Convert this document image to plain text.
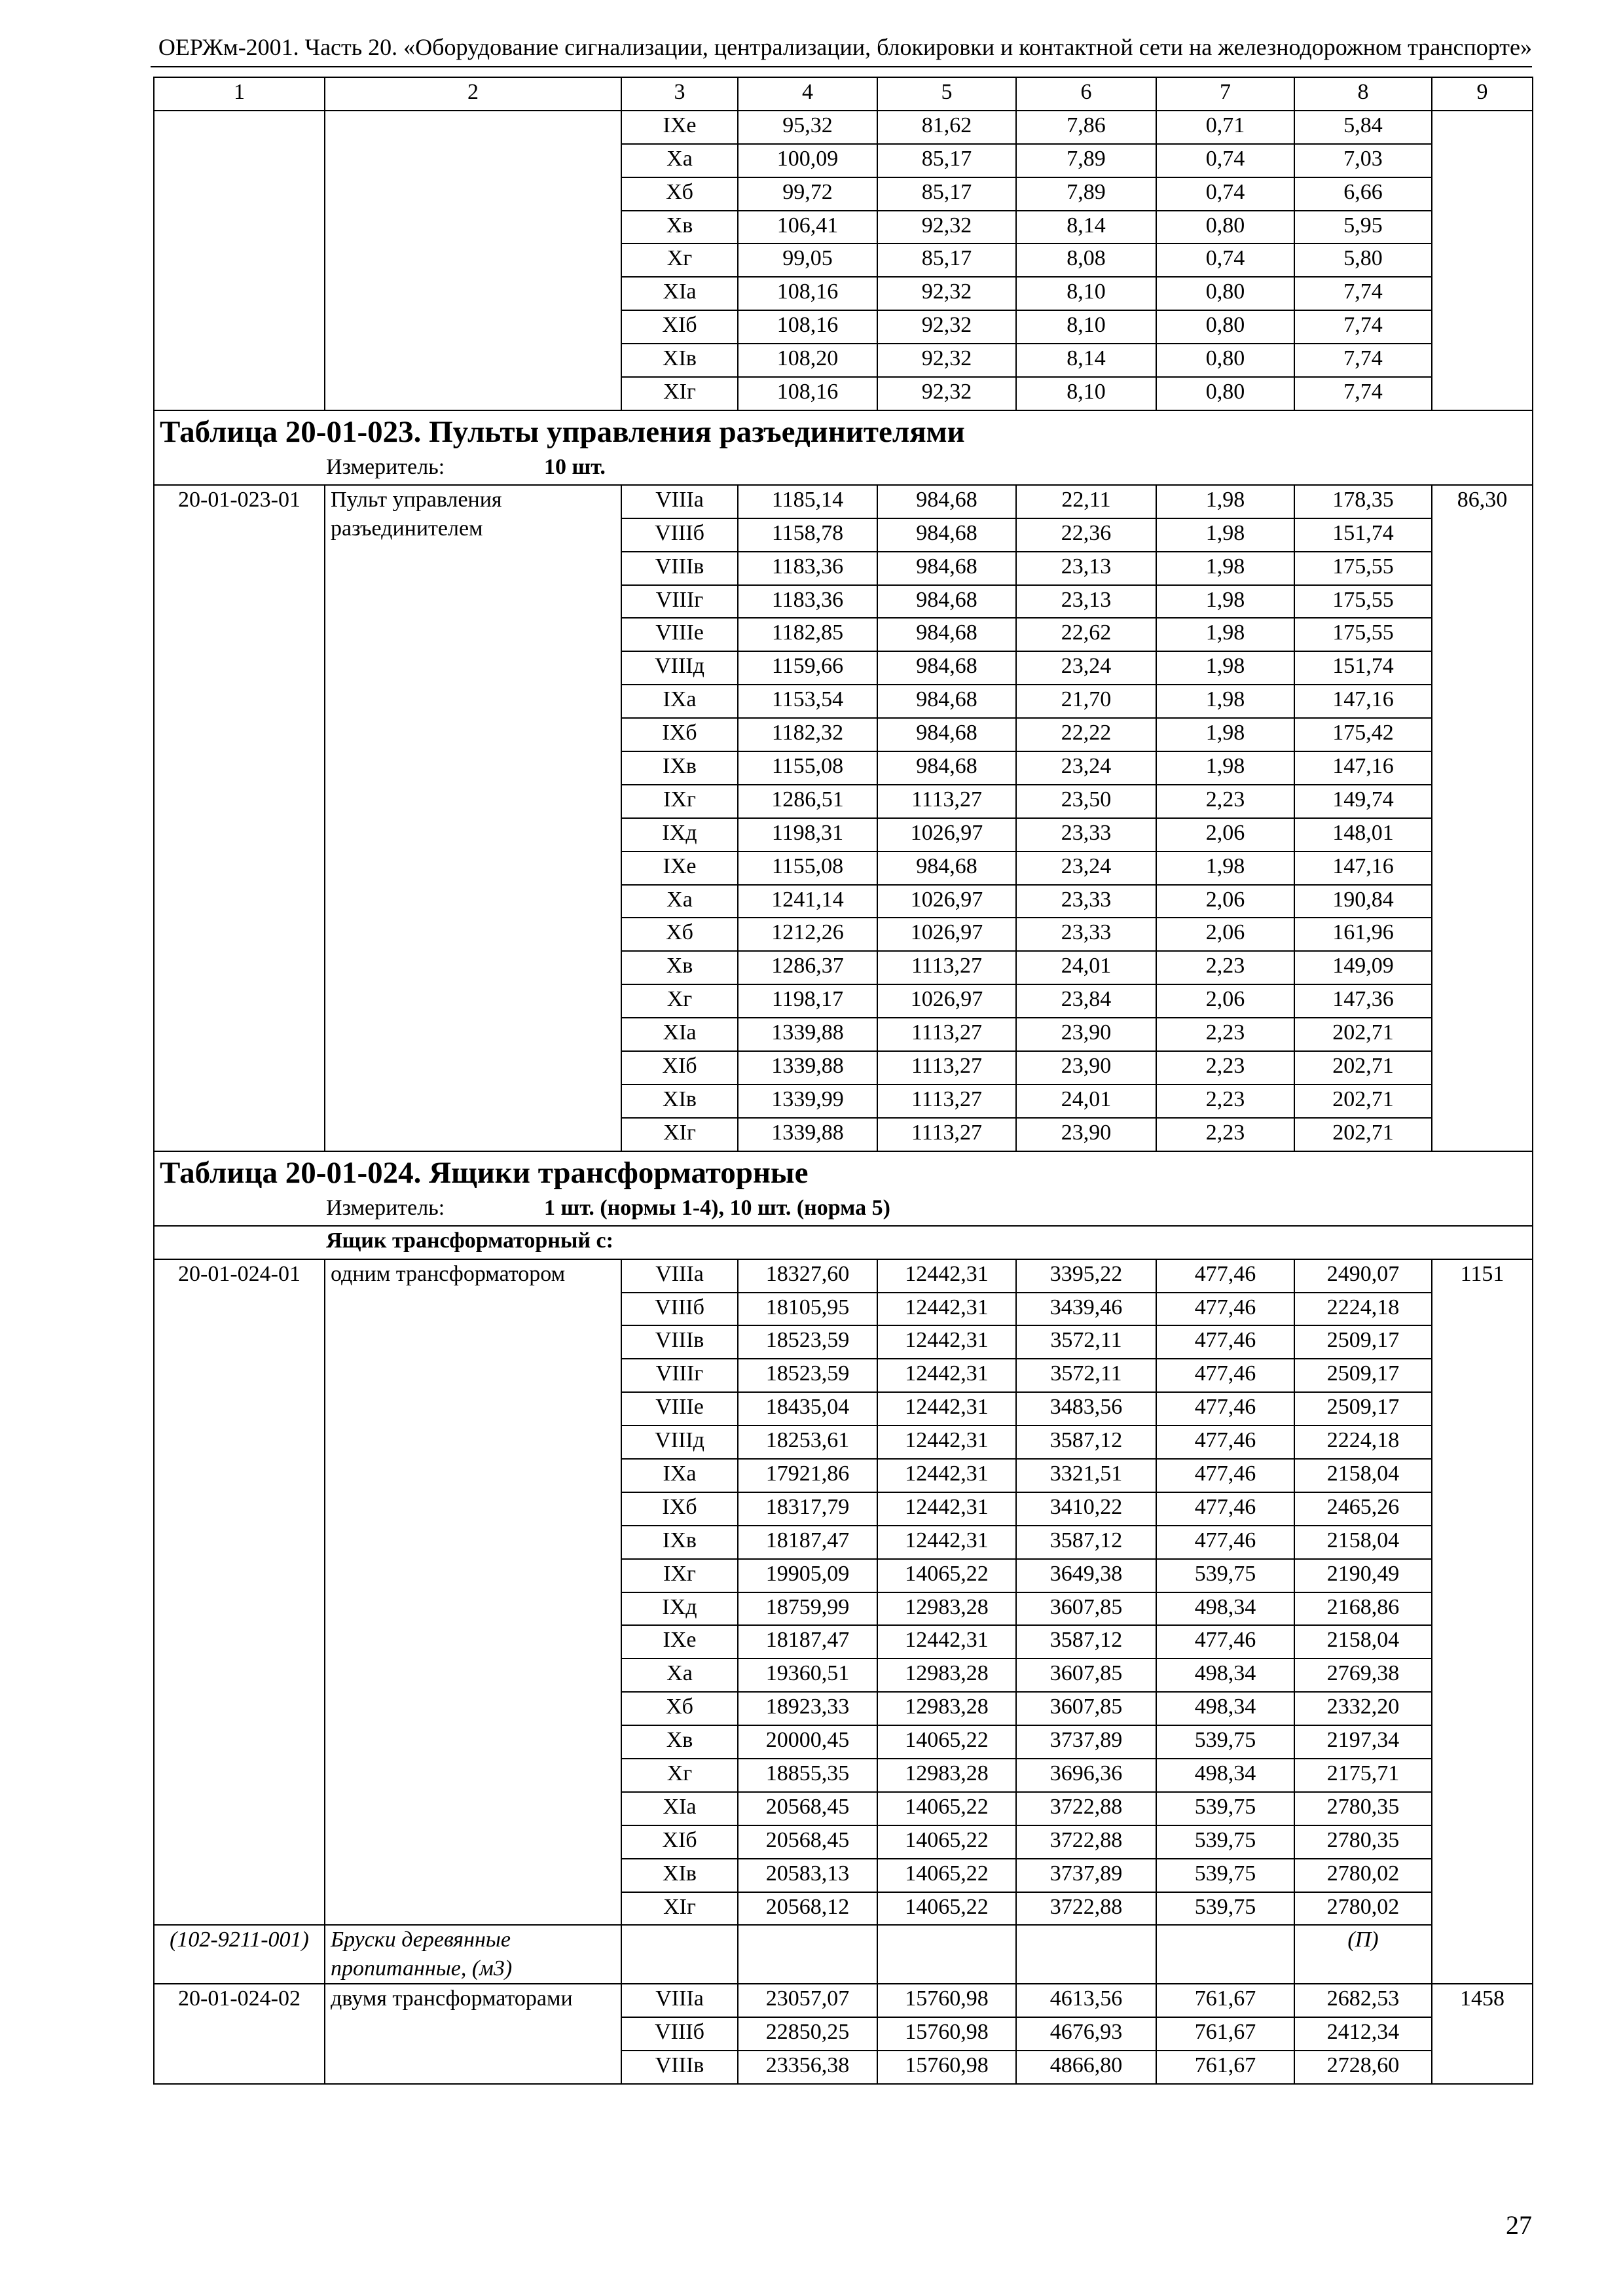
ОЕРЖм-2001. Часть 20. «Оборудование сигнализации, централизации, блокировки и контактной сети на железнодорожном транспорте»
1	2	3	4	5	6	7	8	9
		IXе	95,32	81,62	7,86	0,71	5,84	
		Xа	100,09	85,17	7,89	0,74	7,03	
		Xб	99,72	85,17	7,89	0,74	6,66	
		Xв	106,41	92,32	8,14	0,80	5,95	
		Xг	99,05	85,17	8,08	0,74	5,80	
		XIа	108,16	92,32	8,10	0,80	7,74	
		XIб	108,16	92,32	8,10	0,80	7,74	
		XIв	108,20	92,32	8,14	0,80	7,74	
		XIг	108,16	92,32	8,10	0,80	7,74	
Таблица 20-01-023. Пульты управления разъединителями								
Измеритель: 10 шт.								
20-01-023-01	Пульт управления разъединителем	VIIIа	1185,14	984,68	22,11	1,98	178,35	86,30
		VIIIб	1158,78	984,68	22,36	1,98	151,74	
		VIIIв	1183,36	984,68	23,13	1,98	175,55	
		VIIIг	1183,36	984,68	23,13	1,98	175,55	
		VIIIе	1182,85	984,68	22,62	1,98	175,55	
		VIIIд	1159,66	984,68	23,24	1,98	151,74	
		IXа	1153,54	984,68	21,70	1,98	147,16	
		IXб	1182,32	984,68	22,22	1,98	175,42	
		IXв	1155,08	984,68	23,24	1,98	147,16	
		IXг	1286,51	1113,27	23,50	2,23	149,74	
		IXд	1198,31	1026,97	23,33	2,06	148,01	
		IXе	1155,08	984,68	23,24	1,98	147,16	
		Xа	1241,14	1026,97	23,33	2,06	190,84	
		Xб	1212,26	1026,97	23,33	2,06	161,96	
		Xв	1286,37	1113,27	24,01	2,23	149,09	
		Xг	1198,17	1026,97	23,84	2,06	147,36	
		XIа	1339,88	1113,27	23,90	2,23	202,71	
		XIб	1339,88	1113,27	23,90	2,23	202,71	
		XIв	1339,99	1113,27	24,01	2,23	202,71	
		XIг	1339,88	1113,27	23,90	2,23	202,71	
Таблица 20-01-024. Ящики трансформаторные								
Измеритель: 1 шт. (нормы 1-4), 10 шт. (норма 5)								
Ящик трансформаторный с:								
20-01-024-01	одним трансформатором	VIIIа	18327,60	12442,31	3395,22	477,46	2490,07	1151
		VIIIб	18105,95	12442,31	3439,46	477,46	2224,18	
		VIIIв	18523,59	12442,31	3572,11	477,46	2509,17	
		VIIIг	18523,59	12442,31	3572,11	477,46	2509,17	
		VIIIе	18435,04	12442,31	3483,56	477,46	2509,17	
		VIIIд	18253,61	12442,31	3587,12	477,46	2224,18	
		IXа	17921,86	12442,31	3321,51	477,46	2158,04	
		IXб	18317,79	12442,31	3410,22	477,46	2465,26	
		IXв	18187,47	12442,31	3587,12	477,46	2158,04	
		IXг	19905,09	14065,22	3649,38	539,75	2190,49	
		IXд	18759,99	12983,28	3607,85	498,34	2168,86	
		IXе	18187,47	12442,31	3587,12	477,46	2158,04	
		Xа	19360,51	12983,28	3607,85	498,34	2769,38	
		Xб	18923,33	12983,28	3607,85	498,34	2332,20	
		Xв	20000,45	14065,22	3737,89	539,75	2197,34	
		Xг	18855,35	12983,28	3696,36	498,34	2175,71	
		XIа	20568,45	14065,22	3722,88	539,75	2780,35	
		XIб	20568,45	14065,22	3722,88	539,75	2780,35	
		XIв	20583,13	14065,22	3737,89	539,75	2780,02	
		XIг	20568,12	14065,22	3722,88	539,75	2780,02	
(102-9211-001)	Бруски деревянные пропитанные, (м3)						(П)	
20-01-024-02	двумя трансформаторами	VIIIа	23057,07	15760,98	4613,56	761,67	2682,53	1458
		VIIIб	22850,25	15760,98	4676,93	761,67	2412,34	
		VIIIв	23356,38	15760,98	4866,80	761,67	2728,60	
27
